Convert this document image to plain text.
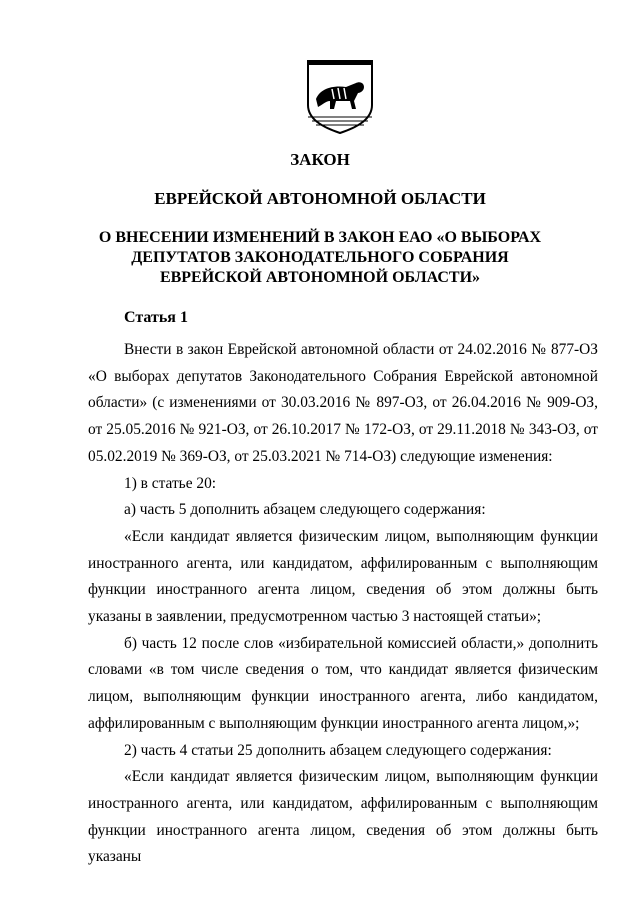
ЗАКОН

ЕВРЕЙСКОЙ АВТОНОМНОЙ ОБЛАСТИ

О ВНЕСЕНИИ ИЗМЕНЕНИЙ В ЗАКОН ЕАО «О ВЫБОРАХ
ДЕПУТАТОВ ЗАКОНОДАТЕЛЬНОГО СОБРАНИЯ
ЕВРЕЙСКОЙ АВТОНОМНОЙ ОБЛАСТИ»

Статья 1

Внести в закон Еврейской автономной области от 24.02.2016 № 877-ОЗ «О выборах депутатов Законодательного Собрания Еврейской автономной области» (с изменениями от 30.03.2016 № 897-ОЗ, от 26.04.2016 № 909-ОЗ, от 25.05.2016 № 921-ОЗ, от 26.10.2017 № 172-ОЗ, от 29.11.2018 № 343-ОЗ, от 05.02.2019 № 369-ОЗ, от 25.03.2021 № 714-ОЗ) следующие изменения:

1) в статье 20:

а) часть 5 дополнить абзацем следующего содержания:

«Если кандидат является физическим лицом, выполняющим функции иностранного агента, или кандидатом, аффилированным с выполняющим функции иностранного агента лицом, сведения об этом должны быть указаны в заявлении, предусмотренном частью 3 настоящей статьи»;

б) часть 12 после слов «избирательной комиссией области,» дополнить словами «в том числе сведения о том, что кандидат является физическим лицом, выполняющим функции иностранного агента, либо кандидатом, аффилированным с выполняющим функции иностранного агента лицом,»;

2) часть 4 статьи 25 дополнить абзацем следующего содержания:

«Если кандидат является физическим лицом, выполняющим функции иностранного агента, или кандидатом, аффилированным с выполняющим функции иностранного агента лицом, сведения об этом должны быть указаны
